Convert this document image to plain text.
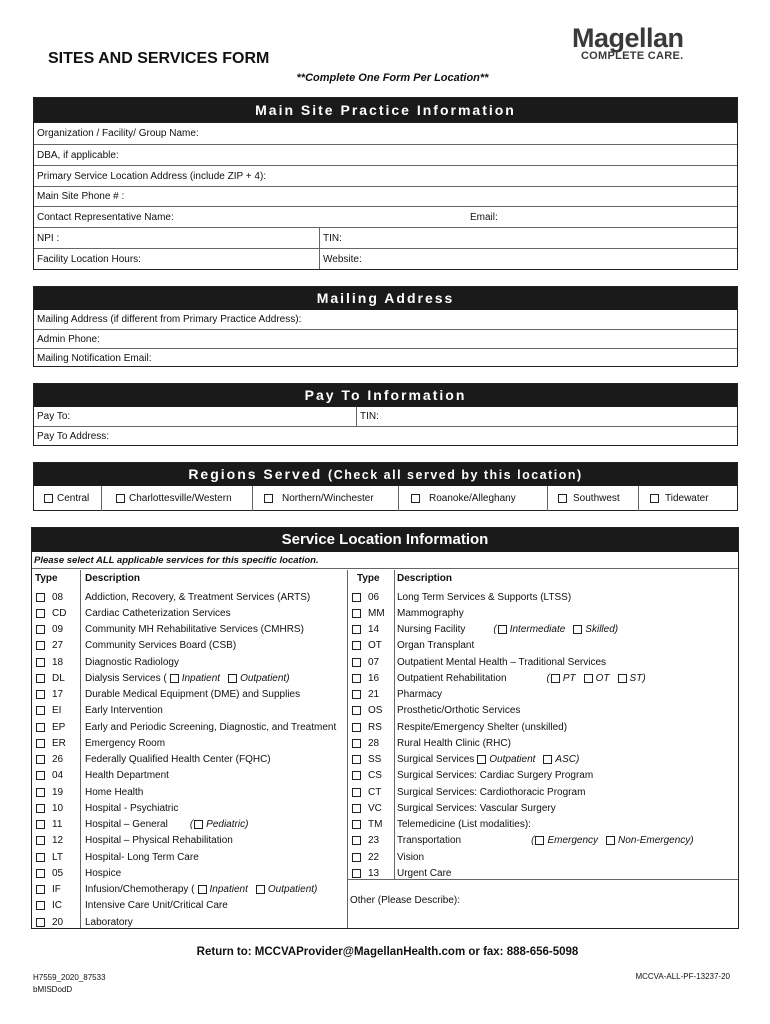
SITES AND SERVICES FORM
Magellan
COMPLETE CARE.
**Complete One Form Per Location**
Main Site Practice Information
Organization / Facility/ Group Name:
DBA, if applicable:
Primary Service Location Address (include ZIP + 4):
Main Site Phone # :
Contact Representative Name:	Email:
NPI :	TIN:
Facility Location Hours:	Website:
Mailing Address
Mailing Address (if different from Primary Practice Address):
Admin Phone:
Mailing Notification Email:
Pay To Information
Pay To:	TIN:
Pay To Address:
Regions Served (Check all served by this location)
Central	Charlottesville/Western	Northern/Winchester	Roanoke/Alleghany	Southwest	Tidewater
Service Location Information
Please select ALL applicable services for this specific location.
Type	Description	Type Description
Other (Please Describe):
08 Addiction, Recovery, & Treatment Services (ARTS)
CD Cardiac Catheterization Services
09 Community MH Rehabilitative Services (CMHRS)
27 Community Services Board (CSB)
18 Diagnostic Radiology
DL Dialysis Services ( Inpatient Outpatient)
17 Durable Medical Equipment (DME) and Supplies
EI Early Intervention
EP Early and Periodic Screening, Diagnostic, and Treatment
ER Emergency Room
26 Federally Qualified Health Center (FQHC)
04 Health Department
19 Home Health
10 Hospital - Psychiatric
11 Hospital – General ( Pediatric)
12 Hospital – Physical Rehabilitation
LT Hospital- Long Term Care
05 Hospice
IF Infusion/Chemotherapy ( Inpatient Outpatient)
IC Intensive Care Unit/Critical Care
20 Laboratory
06 Long Term Services & Supports (LTSS)
MM Mammography
14 Nursing Facility	( Intermediate Skilled)
OT Organ Transplant
07 Outpatient Mental Health – Traditional Services
16 Outpatient Rehabilitation	( PT OT ST)
21 Pharmacy
OS Prosthetic/Orthotic Services
RS Respite/Emergency Shelter (unskilled)
28 Rural Health Clinic (RHC)
SS Surgical Services Outpatient ASC)
CS Surgical Services: Cardiac Surgery Program
CT Surgical Services: Cardiothoracic Program
VC Surgical Services: Vascular Surgery
TM Telemedicine (List modalities):
23 Transportation	( Emergency Non-Emergency)
22 Vision
13 Urgent Care
Return to: MCCVAProvider@MagellanHealth.com or fax: 888-656-5098
H7559_2020_87533
bMISDodD
MCCVA-ALL-PF-13237-20
